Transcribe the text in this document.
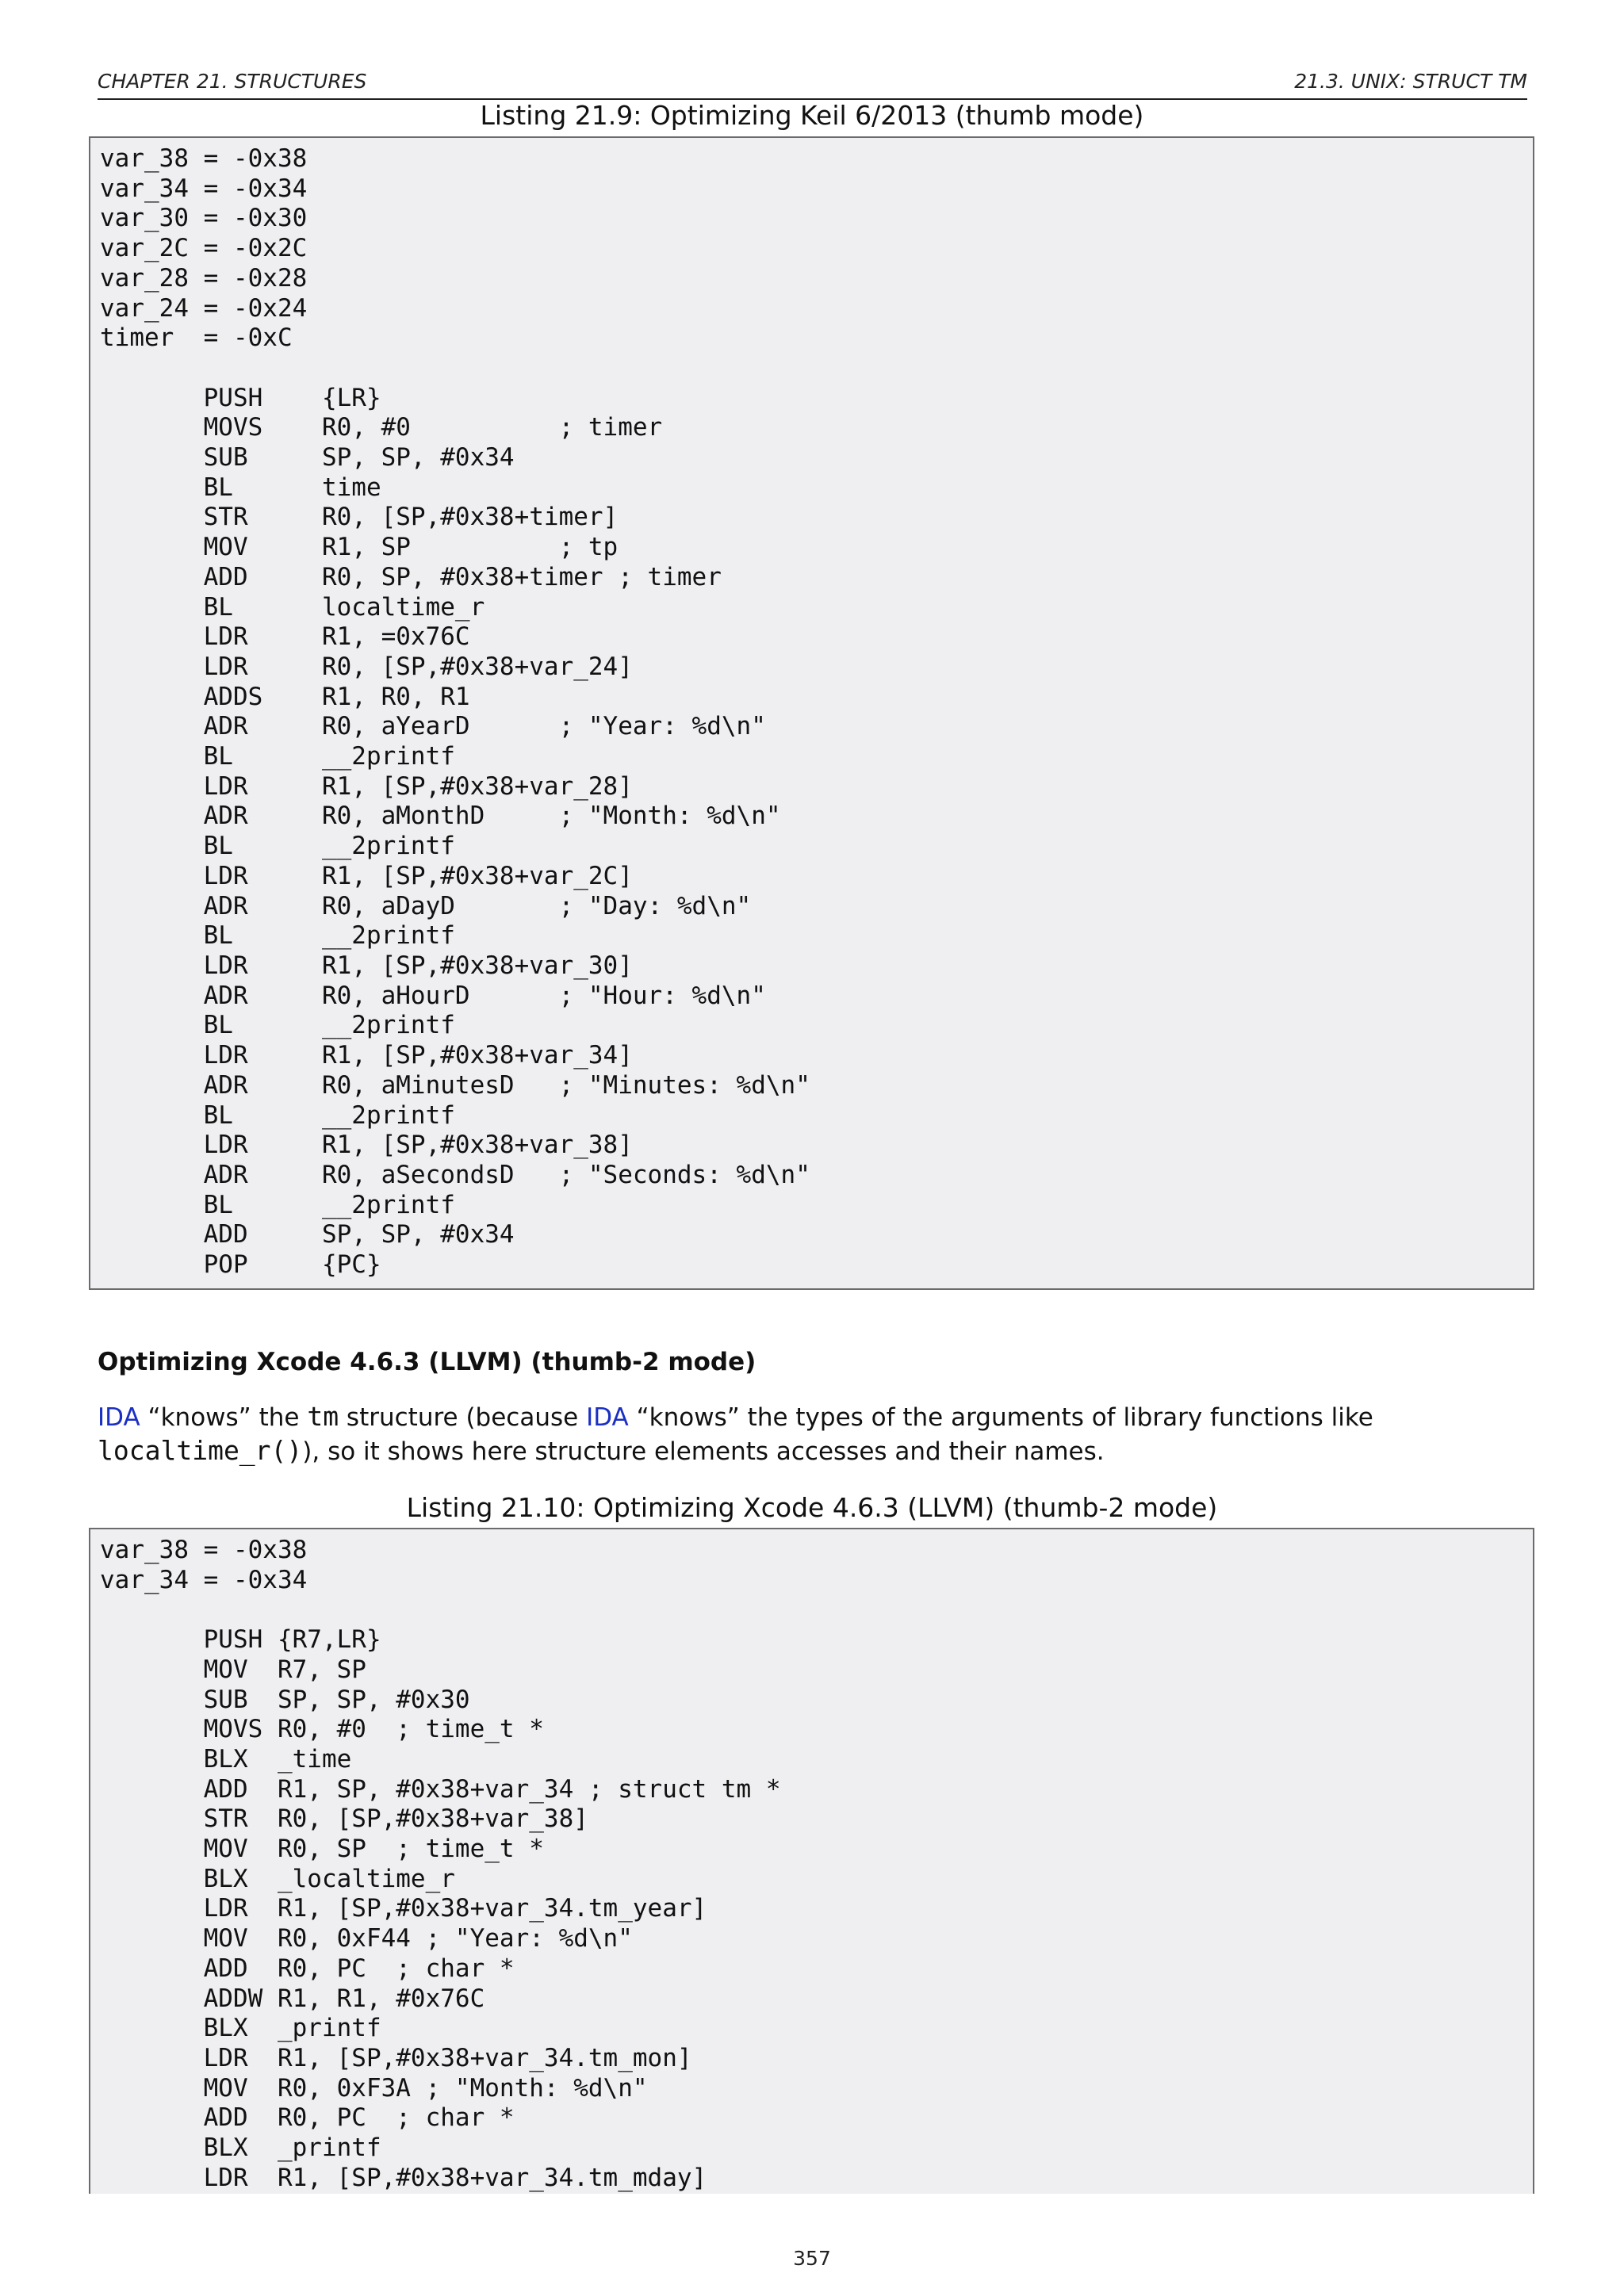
CHAPTER 21. STRUCTURES	21.3. UNIX: STRUCT TM
Listing 21.9: Optimizing Keil 6/2013 (thumb mode)
var_38 = -0x38
var_34 = -0x34
var_30 = -0x30
var_2C = -0x2C
var_28 = -0x28
var_24 = -0x24
timer  = -0xC

PUSH    {LR}
MOVS    R0, #0          ; timer
SUB     SP, SP, #0x34
BL      time
STR     R0, [SP,#0x38+timer]
MOV     R1, SP          ; tp
ADD     R0, SP, #0x38+timer ; timer
BL      localtime_r
LDR     R1, =0x76C
LDR     R0, [SP,#0x38+var_24]
ADDS    R1, R0, R1
ADR     R0, aYearD      ; "Year: %d\n"
BL      __2printf
LDR     R1, [SP,#0x38+var_28]
ADR     R0, aMonthD     ; "Month: %d\n"
BL      __2printf
LDR     R1, [SP,#0x38+var_2C]
ADR     R0, aDayD       ; "Day: %d\n"
BL      __2printf
LDR     R1, [SP,#0x38+var_30]
ADR     R0, aHourD      ; "Hour: %d\n"
BL      __2printf
LDR     R1, [SP,#0x38+var_34]
ADR     R0, aMinutesD   ; "Minutes: %d\n"
BL      __2printf
LDR     R1, [SP,#0x38+var_38]
ADR     R0, aSecondsD   ; "Seconds: %d\n"
BL      __2printf
ADD     SP, SP, #0x34
POP     {PC}
Optimizing Xcode 4.6.3 (LLVM) (thumb-2 mode)
IDA “knows” the tm structure (because IDA “knows” the types of the arguments of library functions like localtime_r()), so it shows here structure elements accesses and their names.
Listing 21.10: Optimizing Xcode 4.6.3 (LLVM) (thumb-2 mode)
var_38 = -0x38
var_34 = -0x34

PUSH {R7,LR}
MOV  R7, SP
SUB  SP, SP, #0x30
MOVS R0, #0  ; time_t *
BLX  _time
ADD  R1, SP, #0x38+var_34 ; struct tm *
STR  R0, [SP,#0x38+var_38]
MOV  R0, SP  ; time_t *
BLX  _localtime_r
LDR  R1, [SP,#0x38+var_34.tm_year]
MOV  R0, 0xF44 ; "Year: %d\n"
ADD  R0, PC  ; char *
ADDW R1, R1, #0x76C
BLX  _printf
LDR  R1, [SP,#0x38+var_34.tm_mon]
MOV  R0, 0xF3A ; "Month: %d\n"
ADD  R0, PC  ; char *
BLX  _printf
LDR  R1, [SP,#0x38+var_34.tm_mday]
357
